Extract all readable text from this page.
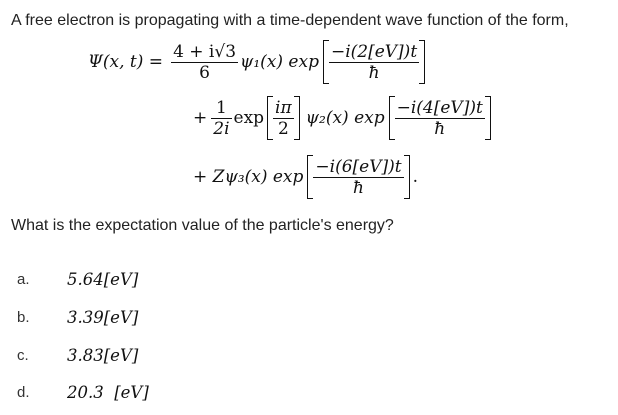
A free electron is propagating with a time-dependent wave function of the form,
Ψ(x, $t) = \frac{4 + i√3}{6} \psi_1(x)$ $\exp \frac{-i(2[eV])t}{ħ}$
+ $\frac{1}{2i}$ $\exp \frac{i\pi}{2} \psi_2(x)$ $\exp \frac{-i(4[eV])t}{ħ}$
+ Zψ₃(x) $\exp \frac{-i(6[eV])t}{ħ}$ .
What is the expectation value of the particle's energy?
a.	5.64[eV]
b.	3.39[eV]
c.	3.83[eV]
d.	20.3  [eV]
